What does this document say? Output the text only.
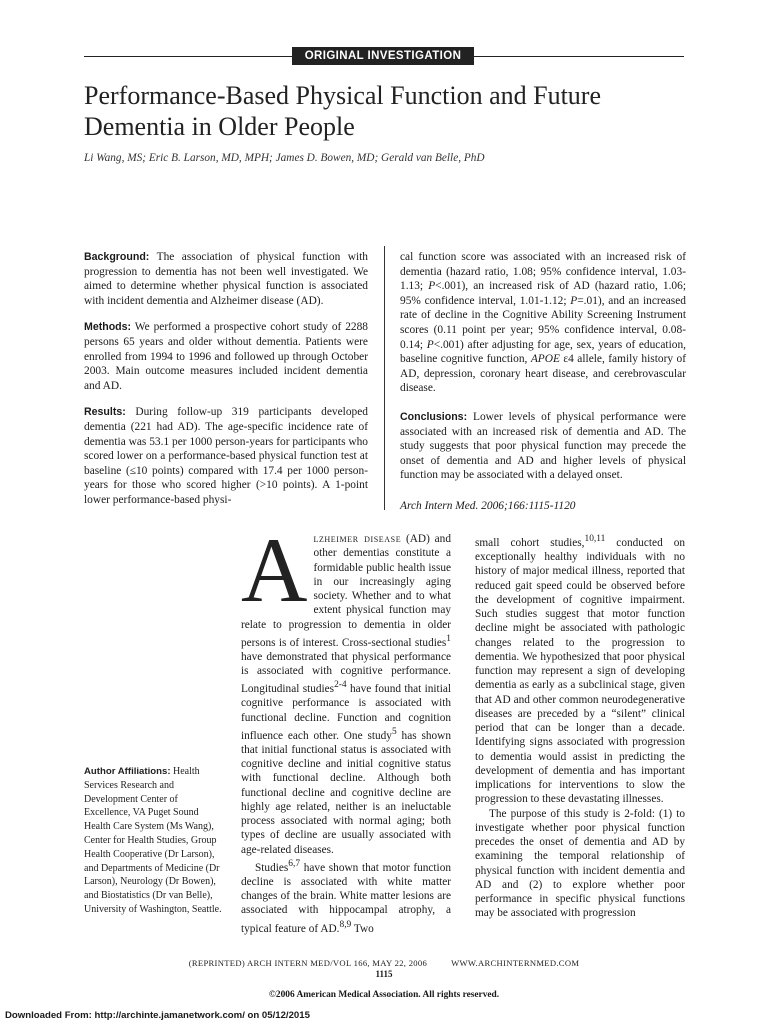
ORIGINAL INVESTIGATION
Performance-Based Physical Function and Future Dementia in Older People
Li Wang, MS; Eric B. Larson, MD, MPH; James D. Bowen, MD; Gerald van Belle, PhD

Background: The association of physical function with progression to dementia has not been well investigated. We aimed to determine whether physical function is associated with incident dementia and Alzheimer disease (AD).

Methods: We performed a prospective cohort study of 2288 persons 65 years and older without dementia. Patients were enrolled from 1994 to 1996 and followed up through October 2003. Main outcome measures included incident dementia and AD.

Results: During follow-up 319 participants developed dementia (221 had AD). The age-specific incidence rate of dementia was 53.1 per 1000 person-years for participants who scored lower on a performance-based physical function test at baseline (≤10 points) compared with 17.4 per 1000 person-years for those who scored higher (>10 points). A 1-point lower performance-based physi-

cal function score was associated with an increased risk of dementia (hazard ratio, 1.08; 95% confidence interval, 1.03-1.13; P<.001), an increased risk of AD (hazard ratio, 1.06; 95% confidence interval, 1.01-1.12; P=.01), and an increased rate of decline in the Cognitive Ability Screening Instrument scores (0.11 point per year; 95% confidence interval, 0.08-0.14; P<.001) after adjusting for age, sex, years of education, baseline cognitive function, APOE ε4 allele, family history of AD, depression, coronary heart disease, and cerebrovascular disease.

Conclusions: Lower levels of physical performance were associated with an increased risk of dementia and AD. The study suggests that poor physical function may precede the onset of dementia and AD and higher levels of physical function may be associated with a delayed onset.

Arch Intern Med. 2006;166:1115-1120

Author Affiliations: Health Services Research and Development Center of Excellence, VA Puget Sound Health Care System (Ms Wang), Center for Health Studies, Group Health Cooperative (Dr Larson), and Departments of Medicine (Dr Larson), Neurology (Dr Bowen), and Biostatistics (Dr van Belle), University of Washington, Seattle.
A lzheimer disease (AD) and other dementias constitute a formidable public health issue in our increasingly aging society. Whether and to what extent physical function may relate to progression to dementia in older persons is of interest. Cross-sectional studies$^1$ have demonstrated that physical performance is associated with cognitive performance. Longitudinal studies$^{2-4}$ have found that initial cognitive performance is associated with functional decline. Function and cognition influence each other. One study$^5$ has shown that initial functional status is associated with cognitive decline and initial cognitive status with functional decline. Although both functional decline and cognitive decline are highly age related, neither is an ineluctable process associated with normal aging; both types of decline are usually associated with age-related diseases.

Studies$^{6,7}$ have shown that motor function decline is associated with white matter changes of the brain. White matter lesions are associated with hippocampal atrophy, a typical feature of AD.$^{8,9}$ Two

small cohort studies,$^{10,11}$ conducted on exceptionally healthy individuals with no history of major medical illness, reported that reduced gait speed could be observed before the development of cognitive impairment. Such studies suggest that motor function decline might be associated with pathologic changes related to the progression to dementia. We hypothesized that poor physical function may represent a sign of developing dementia as early as a subclinical stage, given that AD and other common neurodegenerative diseases are preceded by a “silent” clinical period that can be longer than a decade. Identifying signs associated with progression to dementia would assist in predicting the development of dementia and has important implications for interventions to slow the progression to these devastating illnesses.

The purpose of this study is 2-fold: (1) to investigate whether poor physical function precedes the onset of dementia and AD by examining the temporal relationship of physical function with incident dementia and AD and (2) to explore whether poor performance in specific physical functions may be associated with progression

(REPRINTED) ARCH INTERN MED/VOL 166, MAY 22, 2006	WWW.ARCHINTERNMED.COM
1115
©2006 American Medical Association. All rights reserved.
Downloaded From: http://archinte.jamanetwork.com/ on 05/12/2015
